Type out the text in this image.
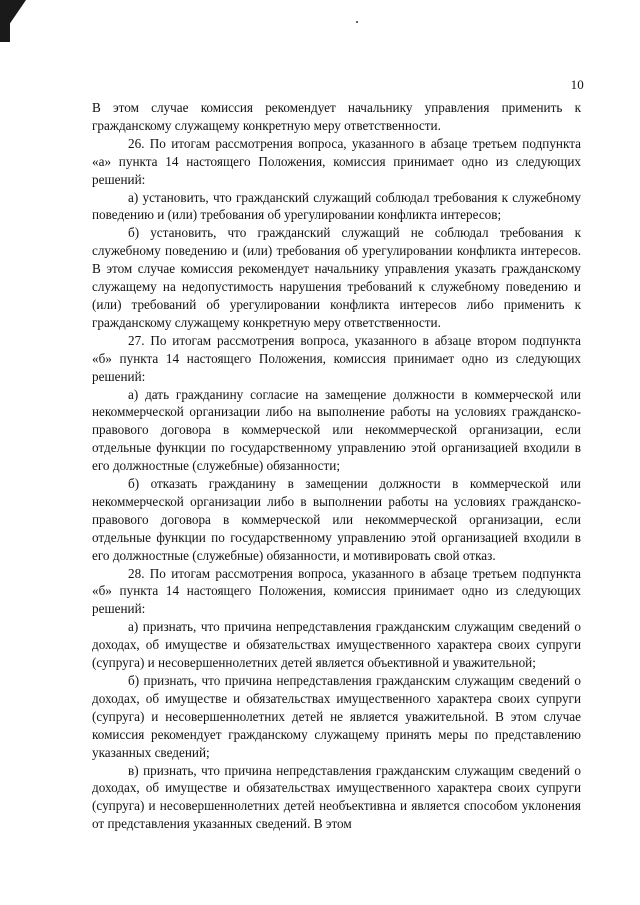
10

В этом случае комиссия рекомендует начальнику управления применить к гражданскому служащему конкретную меру ответственности.

26. По итогам рассмотрения вопроса, указанного в абзаце третьем подпункта «а» пункта 14 настоящего Положения, комиссия принимает одно из следующих решений:

а) установить, что гражданский служащий соблюдал требования к служебному поведению и (или) требования об урегулировании конфликта интересов;

б) установить, что гражданский служащий не соблюдал требования к служебному поведению и (или) требования об урегулировании конфликта интересов. В этом случае комиссия рекомендует начальнику управления указать гражданскому служащему на недопустимость нарушения требований к служебному поведению и (или) требований об урегулировании конфликта интересов либо применить к гражданскому служащему конкретную меру ответственности.

27. По итогам рассмотрения вопроса, указанного в абзаце втором подпункта «б» пункта 14 настоящего Положения, комиссия принимает одно из следующих решений:

а) дать гражданину согласие на замещение должности в коммерческой или некоммерческой организации либо на выполнение работы на условиях гражданско-правового договора в коммерческой или некоммерческой организации, если отдельные функции по государственному управлению этой организацией входили в его должностные (служебные) обязанности;

б) отказать гражданину в замещении должности в коммерческой или некоммерческой организации либо в выполнении работы на условиях гражданско-правового договора в коммерческой или некоммерческой организации, если отдельные функции по государственному управлению этой организацией входили в его должностные (служебные) обязанности, и мотивировать свой отказ.

28. По итогам рассмотрения вопроса, указанного в абзаце третьем подпункта «б» пункта 14 настоящего Положения, комиссия принимает одно из следующих решений:

а) признать, что причина непредставления гражданским служащим сведений о доходах, об имуществе и обязательствах имущественного характера своих супруги (супруга) и несовершеннолетних детей является объективной и уважительной;

б) признать, что причина непредставления гражданским служащим сведений о доходах, об имуществе и обязательствах имущественного характера своих супруги (супруга) и несовершеннолетних детей не является уважительной. В этом случае комиссия рекомендует гражданскому служащему принять меры по представлению указанных сведений;

в) признать, что причина непредставления гражданским служащим сведений о доходах, об имуществе и обязательствах имущественного характера своих супруги (супруга) и несовершеннолетних детей необъективна и является способом уклонения от представления указанных сведений. В этом
